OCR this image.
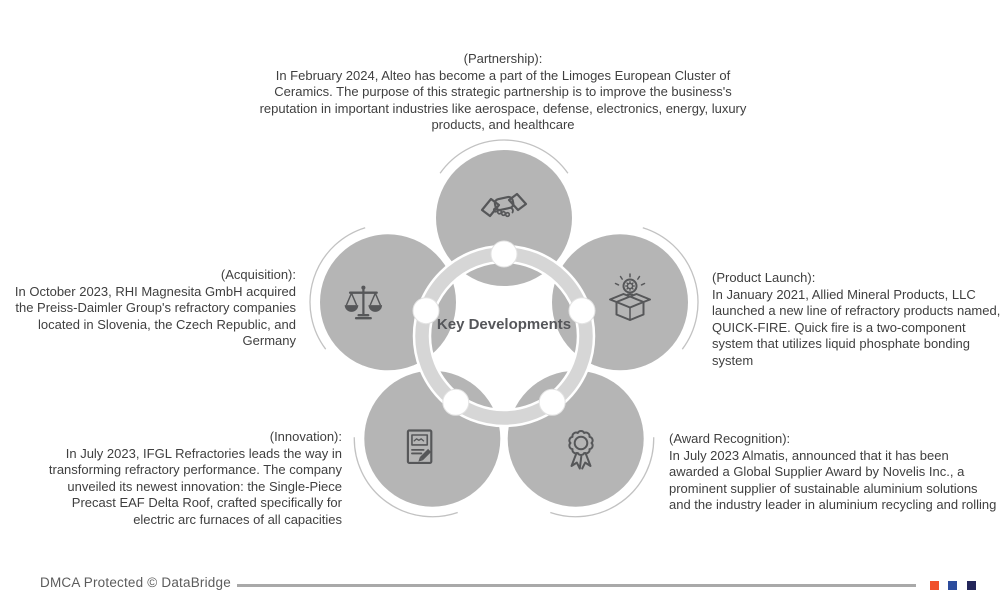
Key Developments
(Partnership):
In February 2024, Alteo has become a part of the Limoges European Cluster of Ceramics. The purpose of this strategic partnership is to improve the business's reputation in important industries like aerospace, defense, electronics, energy, luxury products, and healthcare
(Acquisition):
In October 2023, RHI Magnesita GmbH acquired the Preiss-Daimler Group's refractory companies located in Slovenia, the Czech Republic, and Germany
(Product Launch):
In January 2021, Allied Mineral Products, LLC launched a new line of refractory products named, QUICK-FIRE. Quick fire is a two-component system that utilizes liquid phosphate bonding system
(Innovation):
In July 2023, IFGL Refractories leads the way in transforming refractory performance. The company unveiled its newest innovation: the Single-Piece Precast EAF Delta Roof, crafted specifically for electric arc furnaces of all capacities
(Award Recognition):
In July 2023 Almatis, announced that it has been awarded a Global Supplier Award by Novelis Inc., a prominent supplier of sustainable aluminium solutions and the industry leader in aluminium recycling and rolling
DMCA Protected © DataBridge
